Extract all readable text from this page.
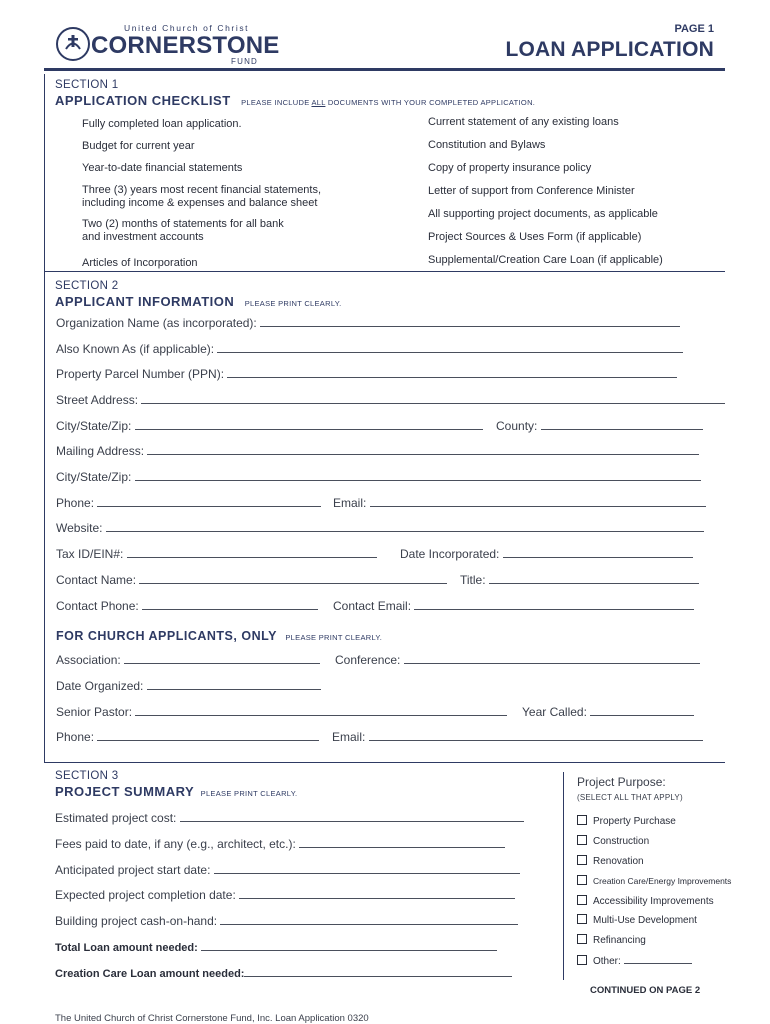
United Church of Christ
CORNERSTONE
FUND
PAGE 1
LOAN APPLICATION
SECTION 1
APPLICATION CHECKLIST PLEASE INCLUDE ALL DOCUMENTS WITH YOUR COMPLETED APPLICATION.
Fully completed loan application.
Budget for current year
Year-to-date financial statements
Three (3) years most recent financial statements,
including income & expenses and balance sheet
Two (2) months of statements for all bank
and investment accounts
Articles of Incorporation
Current statement of any existing loans
Constitution and Bylaws
Copy of property insurance policy
Letter of support from Conference Minister
All supporting project documents, as applicable
Project Sources & Uses Form (if applicable)
Supplemental/Creation Care Loan (if applicable)
SECTION 2
APPLICANT INFORMATION PLEASE PRINT CLEARLY.
Organization Name (as incorporated):
Also Known As (if applicable):
Property Parcel Number (PPN):
Street Address:
City/State/Zip:	County:
Mailing Address:
City/State/Zip:
Phone:	Email:
Website:
Tax ID/EIN#:	Date Incorporated:
Contact Name:	Title:
Contact Phone:	Contact Email:
FOR CHURCH APPLICANTS, ONLY PLEASE PRINT CLEARLY.
Association:	Conference:
Date Organized:
Senior Pastor:	Year Called:
Phone:	Email:
SECTION 3
PROJECT SUMMARY PLEASE PRINT CLEARLY.
Estimated project cost:
Fees paid to date, if any (e.g., architect, etc.):
Anticipated project start date:
Expected project completion date:
Building project cash-on-hand:
Total Loan amount needed:
Creation Care Loan amount needed:
Project Purpose:
(SELECT ALL THAT APPLY)
Property Purchase
Construction
Renovation
Creation Care/Energy Improvements
Accessibility Improvements
Multi-Use Development
Refinancing
Other:
CONTINUED ON PAGE 2
The United Church of Christ Cornerstone Fund, Inc. Loan Application 0320
